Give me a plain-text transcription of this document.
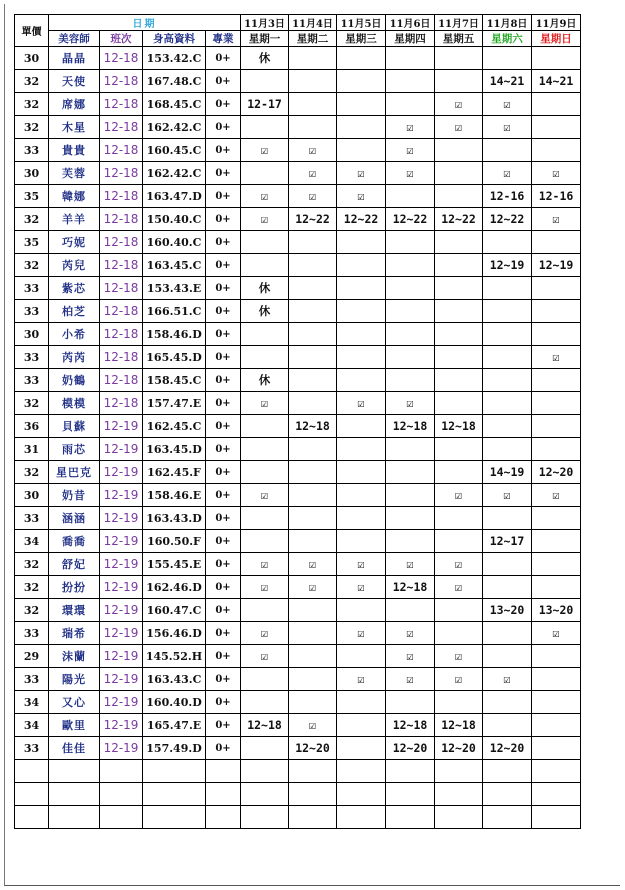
單價	日期				11月3日	11月4日	11月5日	11月6日	11月7日	11月8日	11月9日
	美容師	班次	身高資料	專業	星期一	星期二	星期三	星期四	星期五	星期六	星期日
30	晶晶	12-18	153.42.C	0+	休						
32	天使	12-18	167.48.C	0+						14~21	14~21
32	席娜	12-18	168.45.C	0+	12-17				☑	☑	
32	木星	12-18	162.42.C	0+				☑	☑	☑	
33	貴貴	12-18	160.45.C	0+	☑	☑		☑			
30	芙蓉	12-18	162.42.C	0+		☑	☑	☑		☑	☑
35	韓娜	12-18	163.47.D	0+	☑	☑	☑			12-16	12-16
32	羊羊	12-18	150.40.C	0+	☑	12~22	12~22	12~22	12~22	12~22	☑
35	巧妮	12-18	160.40.C	0+							
32	芮兒	12-18	163.45.C	0+						12~19	12~19
33	紫芯	12-18	153.43.E	0+	休						
33	柏芝	12-18	166.51.C	0+	休						
30	小希	12-18	158.46.D	0+							
33	芮芮	12-18	165.45.D	0+							☑
33	奶鶴	12-18	158.45.C	0+	休						
32	模模	12-18	157.47.E	0+	☑		☑	☑			
36	貝蘇	12-19	162.45.C	0+		12~18		12~18	12~18		
31	雨芯	12-19	163.45.D	0+							
32	星巴克	12-19	162.45.F	0+						14~19	12~20
30	奶昔	12-19	158.46.E	0+	☑				☑	☑	☑
33	涵涵	12-19	163.43.D	0+							
34	喬喬	12-19	160.50.F	0+						12~17	
32	舒妃	12-19	155.45.E	0+	☑	☑	☑	☑	☑		
32	扮扮	12-19	162.46.D	0+	☑	☑	☑	12~18	☑		
32	環環	12-19	160.47.C	0+						13~20	13~20
33	瑞希	12-19	156.46.D	0+	☑		☑	☑			☑
29	沫蘭	12-19	145.52.H	0+	☑			☑	☑		
33	陽光	12-19	163.43.C	0+			☑	☑	☑	☑	
34	又心	12-19	160.40.D	0+							
34	歐里	12-19	165.47.E	0+	12~18	☑		12~18	12~18		
33	佳佳	12-19	157.49.D	0+		12~20		12~20	12~20	12~20	
